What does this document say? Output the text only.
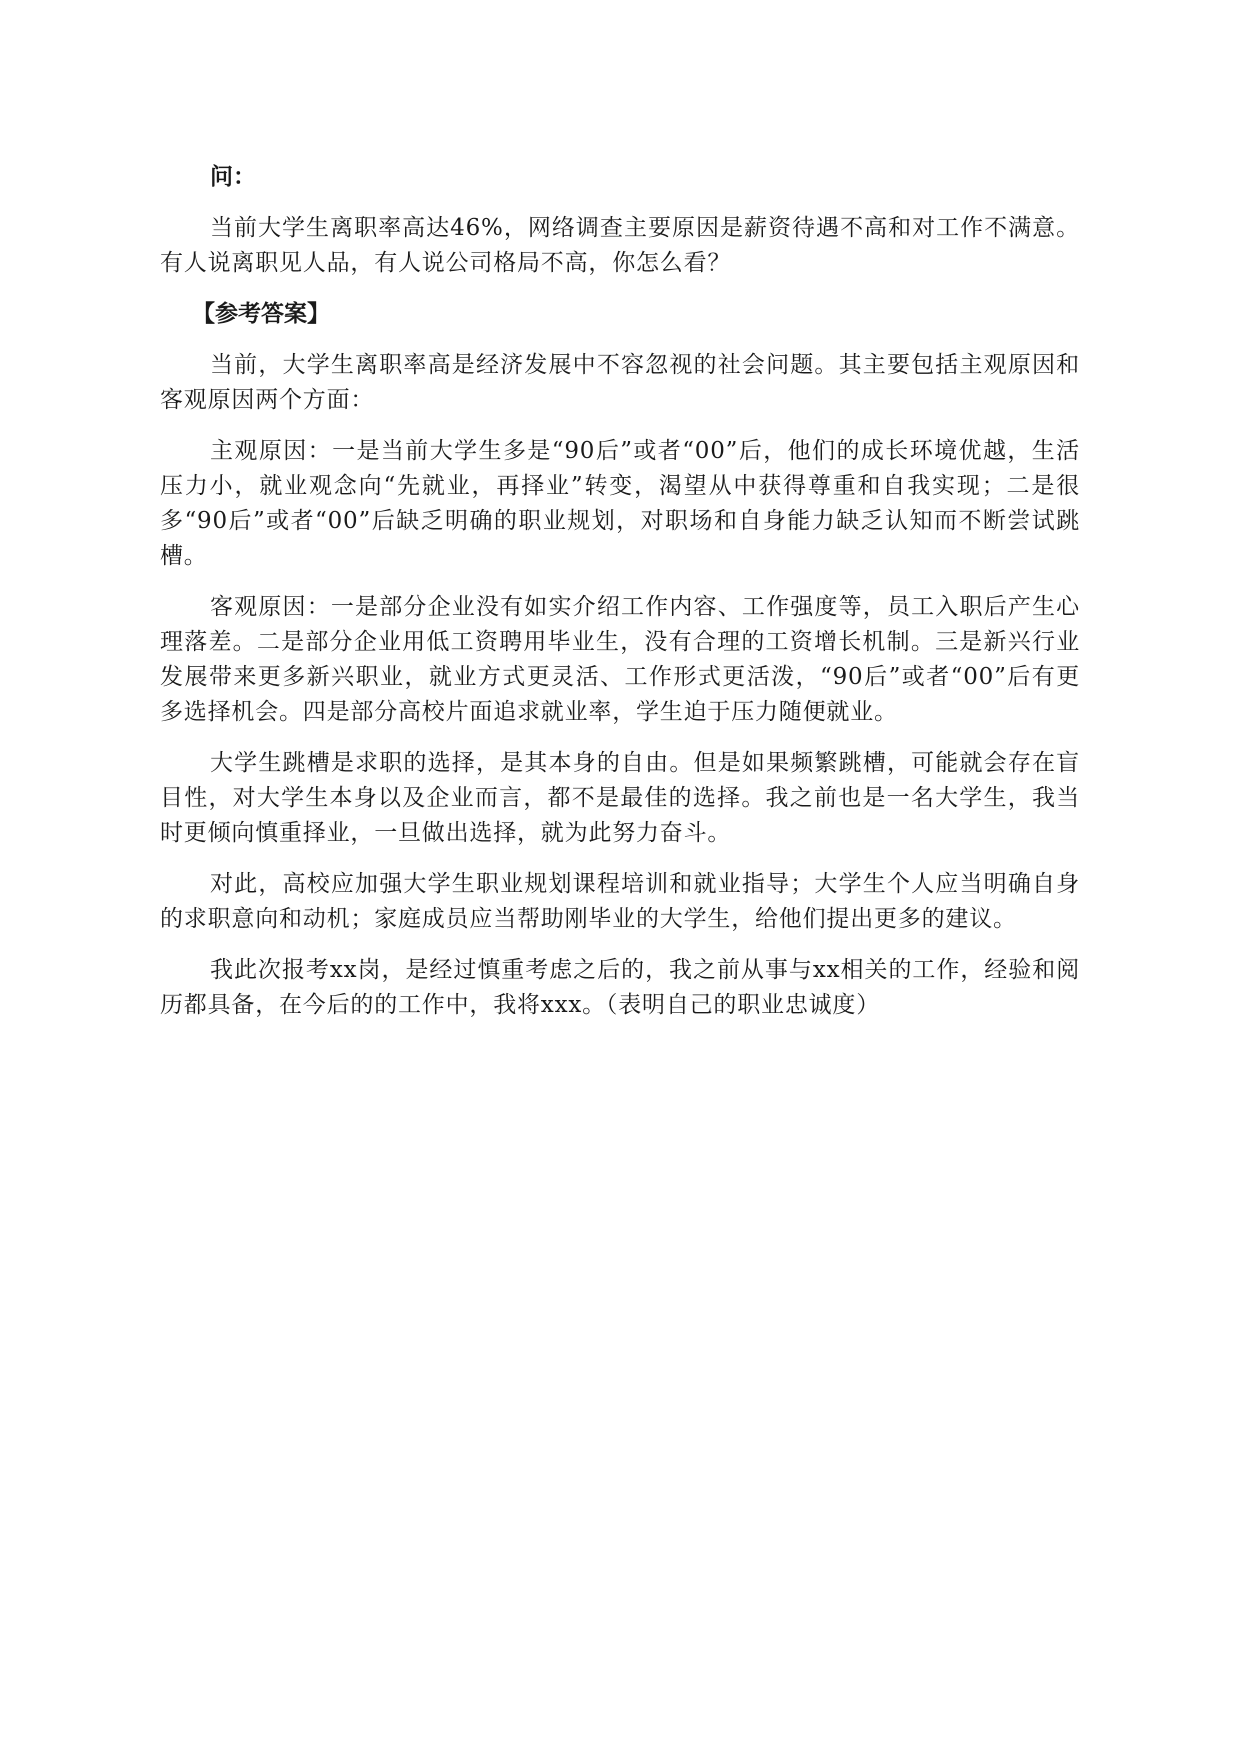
问：

当前大学生离职率高达46%，网络调查主要原因是薪资待遇不高和对工作不满意。有人说离职见人品，有人说公司格局不高，你怎么看？

【参考答案】

当前，大学生离职率高是经济发展中不容忽视的社会问题。其主要包括主观原因和客观原因两个方面：

主观原因：一是当前大学生多是“90后”或者“00”后，他们的成长环境优越，生活压力小，就业观念向“先就业，再择业”转变，渴望从中获得尊重和自我实现；二是很多“90后”或者“00”后缺乏明确的职业规划，对职场和自身能力缺乏认知而不断尝试跳槽。

客观原因：一是部分企业没有如实介绍工作内容、工作强度等，员工入职后产生心理落差。二是部分企业用低工资聘用毕业生，没有合理的工资增长机制。三是新兴行业发展带来更多新兴职业，就业方式更灵活、工作形式更活泼，“90后”或者“00”后有更多选择机会。四是部分高校片面追求就业率，学生迫于压力随便就业。

大学生跳槽是求职的选择，是其本身的自由。但是如果频繁跳槽，可能就会存在盲目性，对大学生本身以及企业而言，都不是最佳的选择。我之前也是一名大学生，我当时更倾向慎重择业，一旦做出选择，就为此努力奋斗。

对此，高校应加强大学生职业规划课程培训和就业指导；大学生个人应当明确自身的求职意向和动机；家庭成员应当帮助刚毕业的大学生，给他们提出更多的建议。

我此次报考xx岗，是经过慎重考虑之后的，我之前从事与xx相关的工作，经验和阅历都具备，在今后的的工作中，我将xxx。（表明自己的职业忠诚度）
